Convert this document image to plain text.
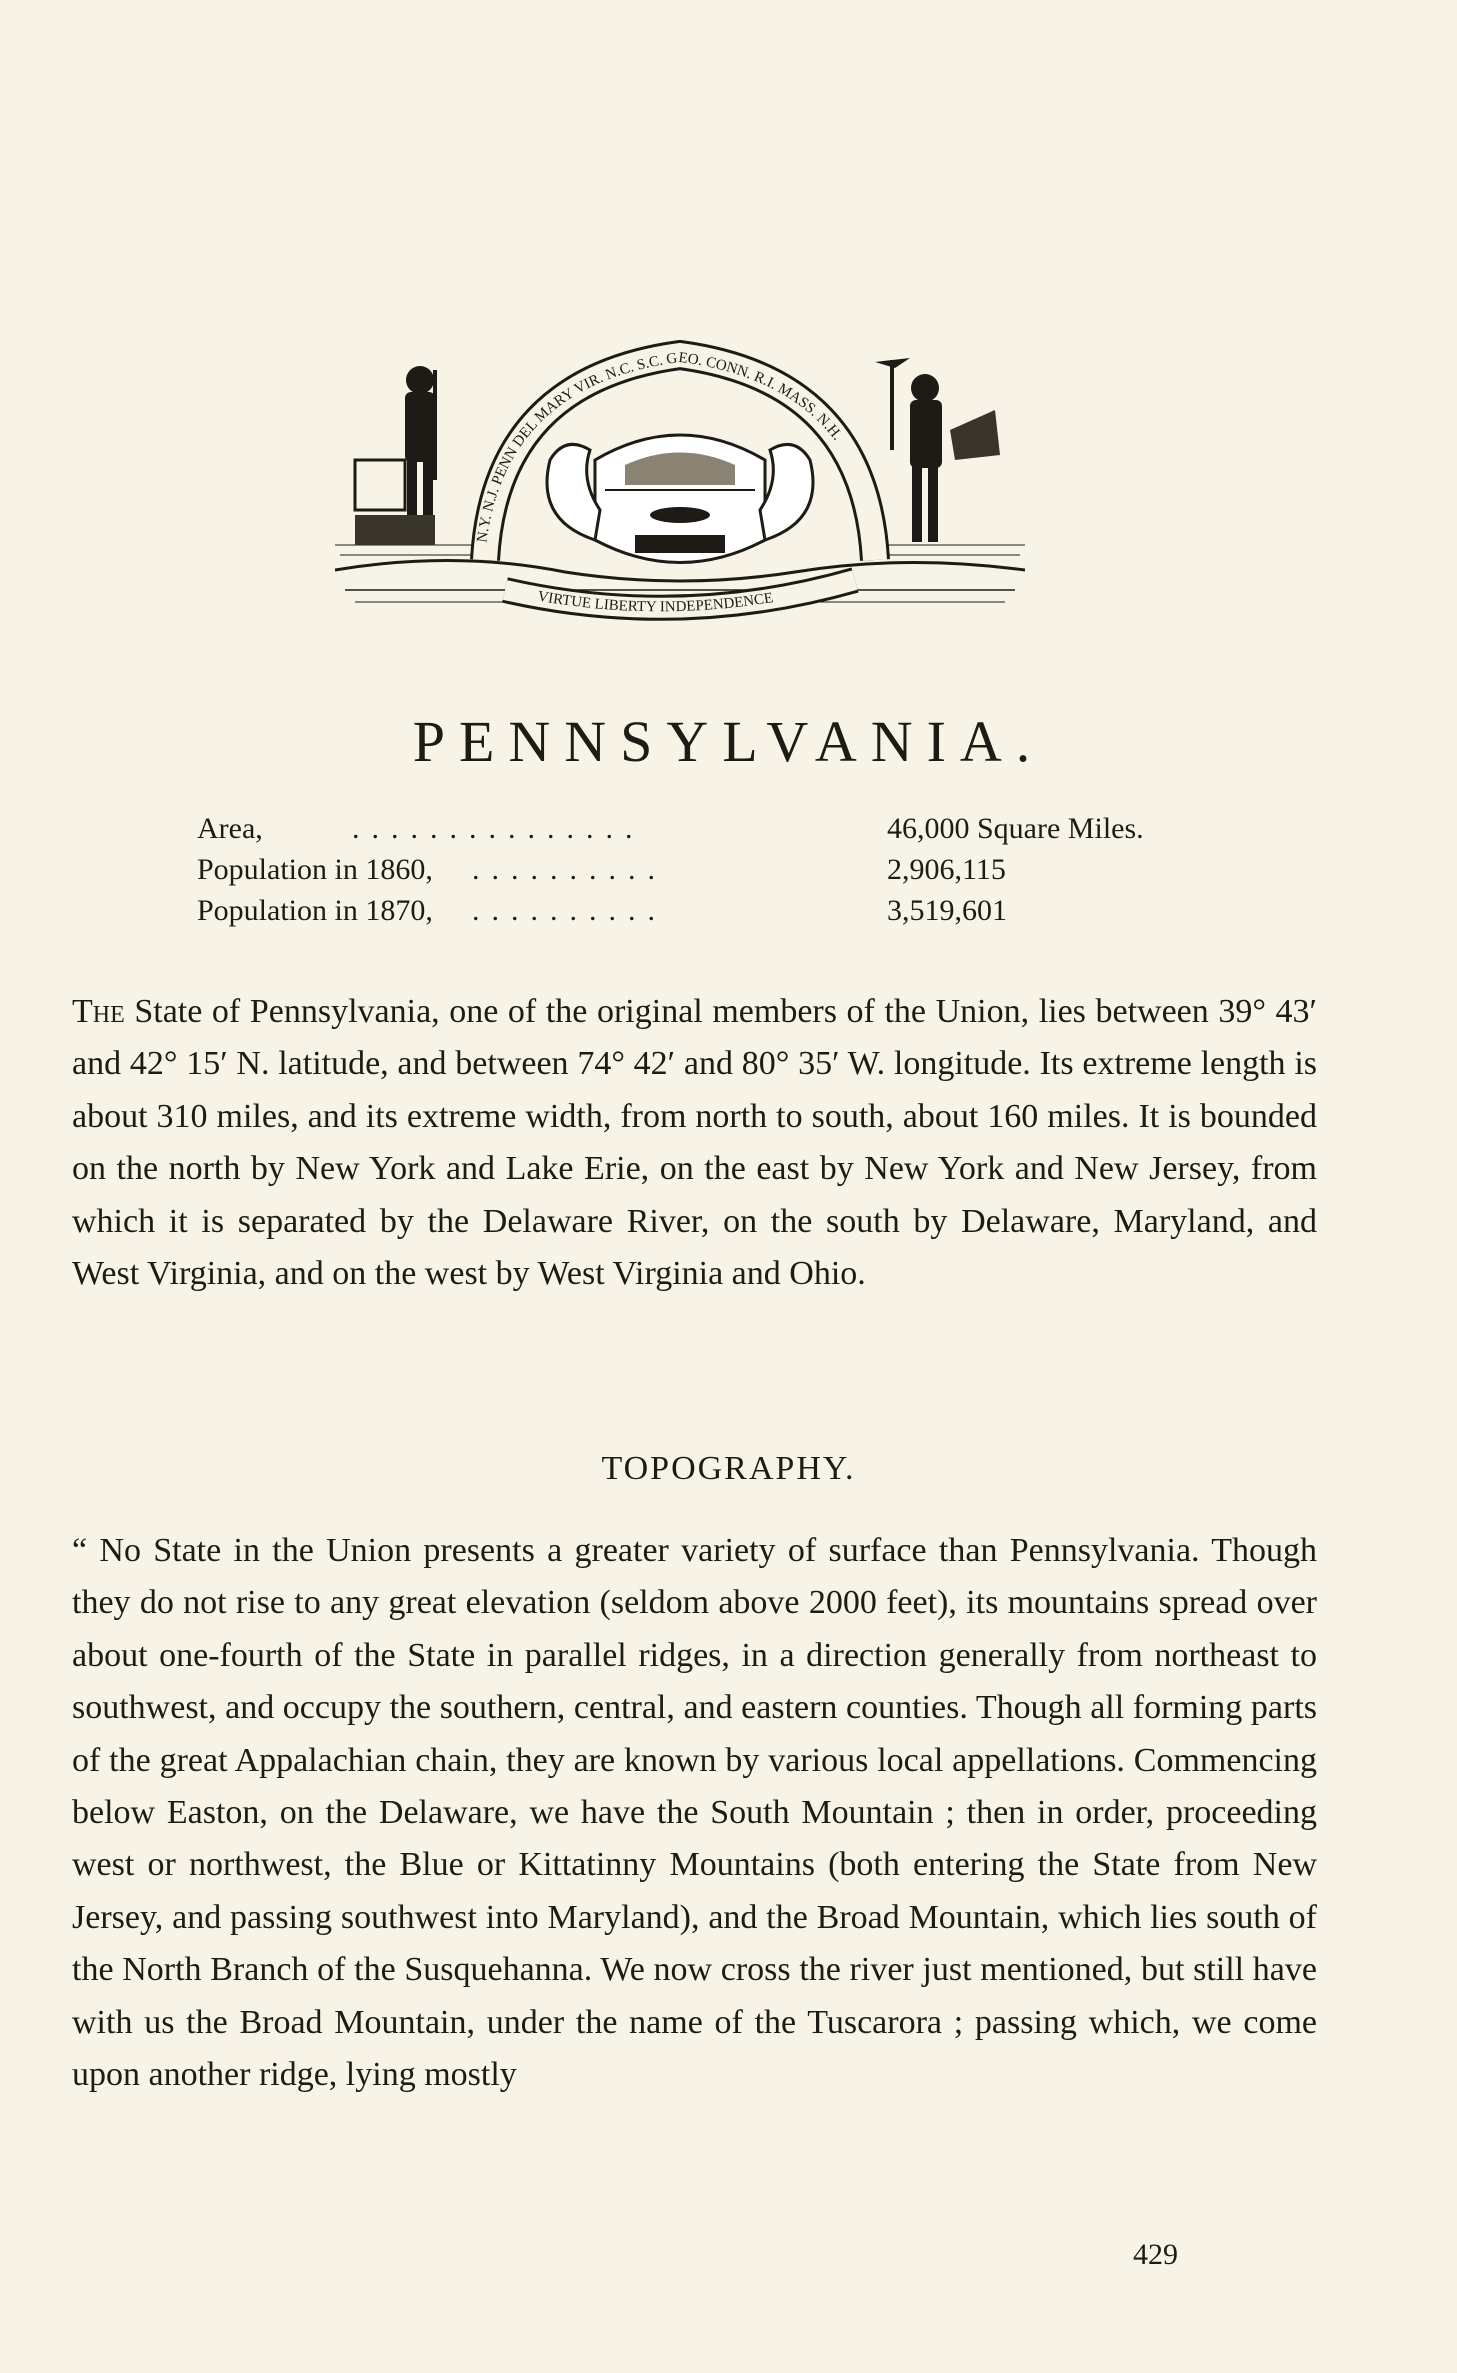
N.Y. N.J. PENN DEL MARY VIR. N.C. S.C. GEO. CONN. R.I. MASS. N.H.
VIRTUE LIBERTY INDEPENDENCE
PENNSYLVANIA.
Area,	...............	46,000 Square Miles.
Population in 1860,	..........	2,906,115
Population in 1870,	..........	3,519,601

The State of Pennsylvania, one of the original members of the Union, lies between 39° 43′ and 42° 15′ N. latitude, and between 74° 42′ and 80° 35′ W. longitude. Its extreme length is about 310 miles, and its extreme width, from north to south, about 160 miles. It is bounded on the north by New York and Lake Erie, on the east by New York and New Jersey, from which it is separated by the Delaware River, on the south by Delaware, Maryland, and West Virginia, and on the west by West Virginia and Ohio.

TOPOGRAPHY.

“ No State in the Union presents a greater variety of surface than Pennsylvania. Though they do not rise to any great elevation (seldom above 2000 feet), its mountains spread over about one-fourth of the State in parallel ridges, in a direction generally from northeast to southwest, and occupy the southern, central, and eastern counties. Though all forming parts of the great Appalachian chain, they are known by various local appellations. Commencing below Easton, on the Delaware, we have the South Mountain ; then in order, proceeding west or northwest, the Blue or Kittatinny Mountains (both entering the State from New Jersey, and passing southwest into Maryland), and the Broad Mountain, which lies south of the North Branch of the Susquehanna. We now cross the river just mentioned, but still have with us the Broad Mountain, under the name of the Tuscarora ; passing which, we come upon another ridge, lying mostly

429
